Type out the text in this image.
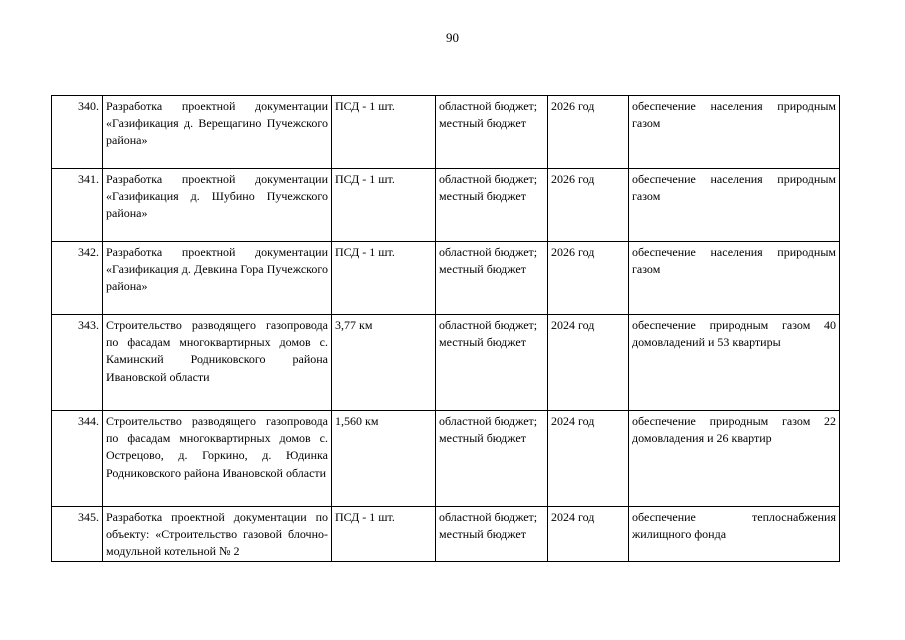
90
340.	Разработка проектной документации «Газификация д. Верещагино Пучежского района»	ПСД - 1 шт.	областной бюджет; местный бюджет	2026 год	обеспечение населения природным газом
341.	Разработка проектной документации «Газификация д. Шубино Пучежского района»	ПСД - 1 шт.	областной бюджет; местный бюджет	2026 год	обеспечение населения природным газом
342.	Разработка проектной документации «Газификация д. Девкина Гора Пучежского района»	ПСД - 1 шт.	областной бюджет; местный бюджет	2026 год	обеспечение населения природным газом
343.	Строительство разводящего газопровода по фасадам многоквартирных домов с. Каминский Родниковского района Ивановской области	3,77 км	областной бюджет; местный бюджет	2024 год	обеспечение природным газом 40 домовладений и 53 квартиры
344.	Строительство разводящего газопровода по фасадам многоквартирных домов с. Острецово, д. Горкино, д. Юдинка Родниковского района Ивановской области	1,560 км	областной бюджет; местный бюджет	2024 год	обеспечение природным газом 22 домовладения и 26 квартир
345.	Разработка проектной документации по объекту: «Строительство газовой блочно-модульной котельной № 2	ПСД - 1 шт.	областной бюджет; местный бюджет	2024 год	обеспечение теплоснабжения жилищного фонда
